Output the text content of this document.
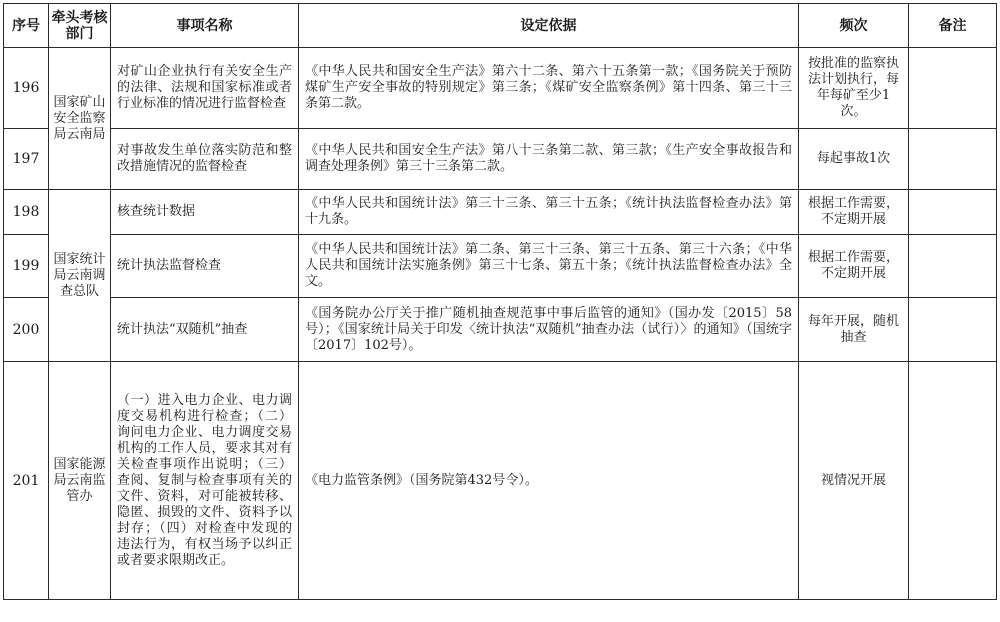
序号	牵头考核部门	事项名称	设定依据	频次	备注
196	国家矿山安全监察局云南局	对矿山企业执行有关安全生产的法律、法规和国家标准或者行业标准的情况进行监督检查	《中华人民共和国安全生产法》第六十二条、第六十五条第一款；《国务院关于预防煤矿生产安全事故的特别规定》第三条；《煤矿安全监察条例》第十四条、第三十三条第二款。	按批准的监察执法计划执行，每年每矿至少1次。	
197		对事故发生单位落实防范和整改措施情况的监督检查	《中华人民共和国安全生产法》第八十三条第二款、第三款；《生产安全事故报告和调查处理条例》第三十三条第二款。	每起事故1次	
198	国家统计局云南调查总队	核查统计数据	《中华人民共和国统计法》第三十三条、第三十五条；《统计执法监督检查办法》第十九条。	根据工作需要，不定期开展	
199		统计执法监督检查	《中华人民共和国统计法》第二条、第三十三条、第三十五条、第三十六条；《中华人民共和国统计法实施条例》第三十七条、第五十条；《统计执法监督检查办法》全文。	根据工作需要，不定期开展	
200		统计执法“双随机”抽查	《国务院办公厅关于推广随机抽查规范事中事后监管的通知》（国办发〔2015〕58号）；《国家统计局关于印发〈统计执法“双随机”抽查办法（试行）〉的通知》（国统字〔2017〕102号）。	每年开展，随机抽查	
201	国家能源局云南监管办	（一）进入电力企业、电力调度交易机构进行检查；（二）询问电力企业、电力调度交易机构的工作人员，要求其对有关检查事项作出说明；（三）查阅、复制与检查事项有关的文件、资料，对可能被转移、隐匿、损毁的文件、资料予以封存；（四）对检查中发现的违法行为，有权当场予以纠正或者要求限期改正。	《电力监管条例》（国务院第432号令）。	视情况开展	
